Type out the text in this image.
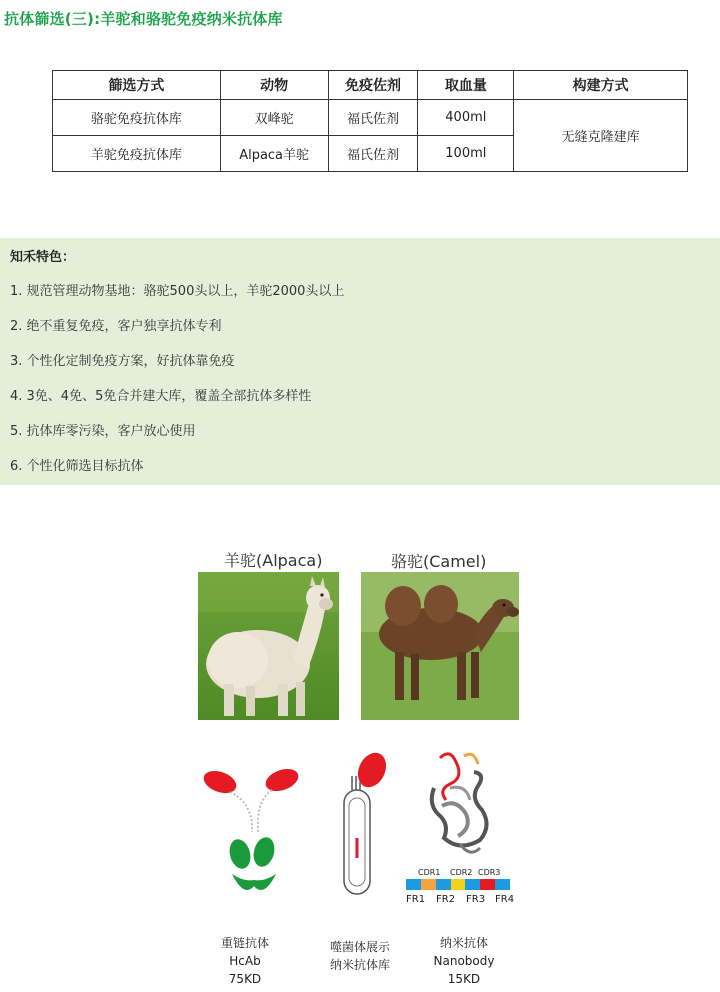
抗体篩选(三):羊驼和骆驼免疫纳米抗体库
篩选方式	动物	免疫佐剂	取血量	构建方式
骆驼免疫抗体库	双峰驼	福氏佐剂	400ml	无缝克隆建库
羊驼免疫抗体库	Alpaca羊驼	福氏佐剂	100ml	
知禾特色：
1. 规范管理动物基地：骆驼500头以上，羊驼2000头以上
2. 绝不重复免疫，客户独享抗体专利
3. 个性化定制免疫方案，好抗体靠免疫
4. 3免、4免、5免合并建大库，覆盖全部抗体多样性
5. 抗体库零污染，客户放心使用
6. 个性化筛选目标抗体
羊驼(Alpaca)	骆驼(Camel)
CDR1 CDR2 CDR3
FR1 FR2 FR3 FR4
重链抗体
HcAb
75KD
噬菌体展示
纳米抗体库
纳米抗体
Nanobody
15KD
